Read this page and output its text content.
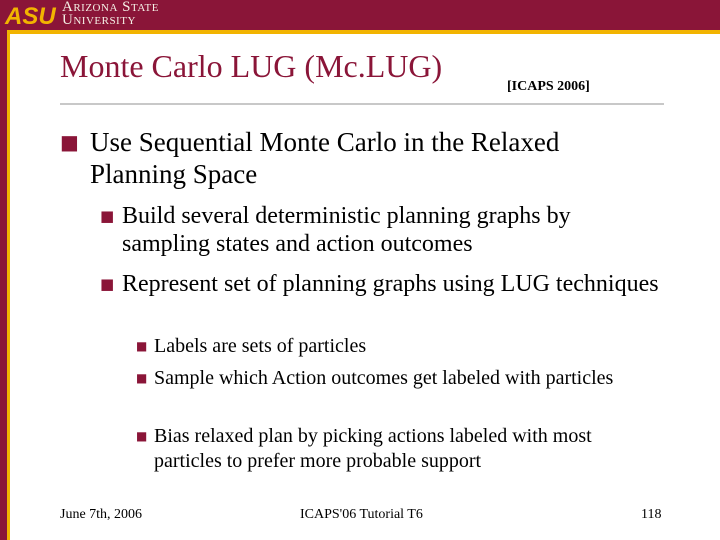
ASU Arizona State
University
Monte Carlo LUG (Mc.LUG)
[ICAPS 2006]
■ Use Sequential Monte Carlo in the Relaxed Planning Space
■ Build several deterministic planning graphs by sampling states and action outcomes
■ Represent set of planning graphs using LUG techniques
■ Labels are sets of particles
■ Sample which Action outcomes get labeled with particles
■ Bias relaxed plan by picking actions labeled with most particles to prefer more probable support
June 7th, 2006	ICAPS'06 Tutorial T6	118
